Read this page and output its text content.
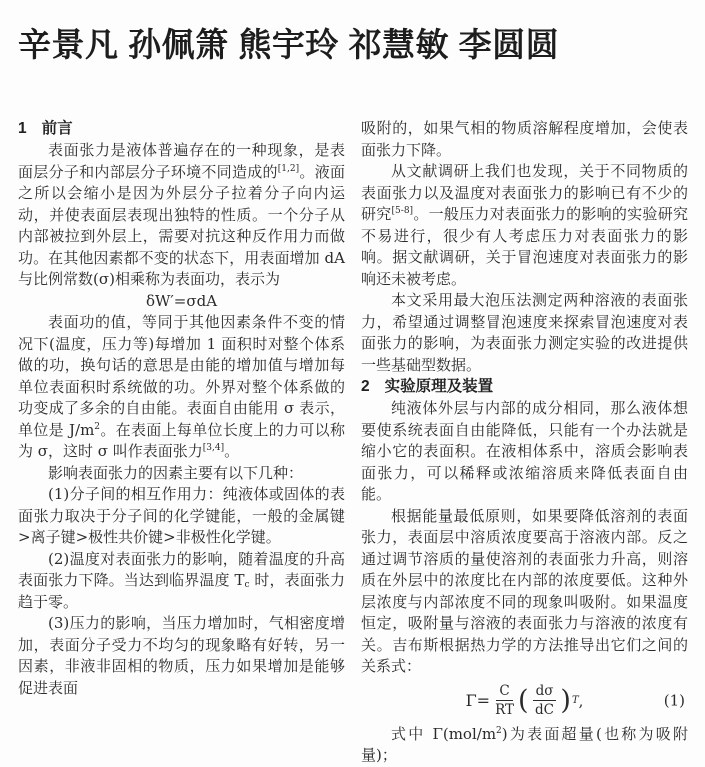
辛景凡 孙佩箫 熊宇玲 祁慧敏 李圆圆
1 前言

表面张力是液体普遍存在的一种现象，是表面层分子和内部层分子环境不同造成的[1,2]。液面之所以会缩小是因为外层分子拉着分子向内运动，并使表面层表现出独特的性质。一个分子从内部被拉到外层上，需要对抗这种反作用力而做功。在其他因素都不变的状态下，用表面增加 dA 与比例常数(σ)相乘称为表面功，表示为

δW′=σdA

表面功的值，等同于其他因素条件不变的情况下(温度，压力等)每增加 1 面积时对整个体系做的功，换句话的意思是由能的增加值与增加每单位表面积时系统做的功。外界对整个体系做的功变成了多余的自由能。表面自由能用 σ 表示，单位是 $J/m^2$。在表面上每单位长度上的力可以称为 σ，这时 σ 叫作表面张力[3,4]。

影响表面张力的因素主要有以下几种：

(1)分子间的相互作用力：纯液体或固体的表面张力取决于分子间的化学键能，一般的金属键>离子键>极性共价键>非极性化学键。

(2)温度对表面张力的影响，随着温度的升高表面张力下降。当达到临界温度 $T_c$ 时，表面张力趋于零。

(3)压力的影响，当压力增加时，气相密度增加，表面分子受力不均匀的现象略有好转，另一因素，非液非固相的物质，压力如果增加是能够促进表面

吸附的，如果气相的物质溶解程度增加，会使表面张力下降。

从文献调研上我们也发现，关于不同物质的表面张力以及温度对表面张力的影响已有不少的研究[5-8]。一般压力对表面张力的影响的实验研究不易进行，很少有人考虑压力对表面张力的影响。据文献调研，关于冒泡速度对表面张力的影响还未被考虑。

本文采用最大泡压法测定两种溶液的表面张力，希望通过调整冒泡速度来探索冒泡速度对表面张力的影响，为表面张力测定实验的改进提供一些基础型数据。

2 实验原理及装置

纯液体外层与内部的成分相同，那么液体想要使系统表面自由能降低，只能有一个办法就是缩小它的表面积。在液相体系中，溶质会影响表面张力，可以稀释或浓缩溶质来降低表面自由能。

根据能量最低原则，如果要降低溶剂的表面张力，表面层中溶质浓度要高于溶液内部。反之通过调节溶质的量使溶剂的表面张力升高，则溶质在外层中的浓度比在内部的浓度要低。这种外层浓度与内部浓度不同的现象叫吸附。如果温度恒定，吸附量与溶液的表面张力与溶液的浓度有关。吉布斯根据热力学的方法推导出它们之间的关系式：

$\Gamma= \frac{C}{RT}$ ( $\frac{d\sigma}{dC}$ ) T ,	(1)

式中 $\Gamma(mol/m^2)$为表面超量(也称为吸附量)；
